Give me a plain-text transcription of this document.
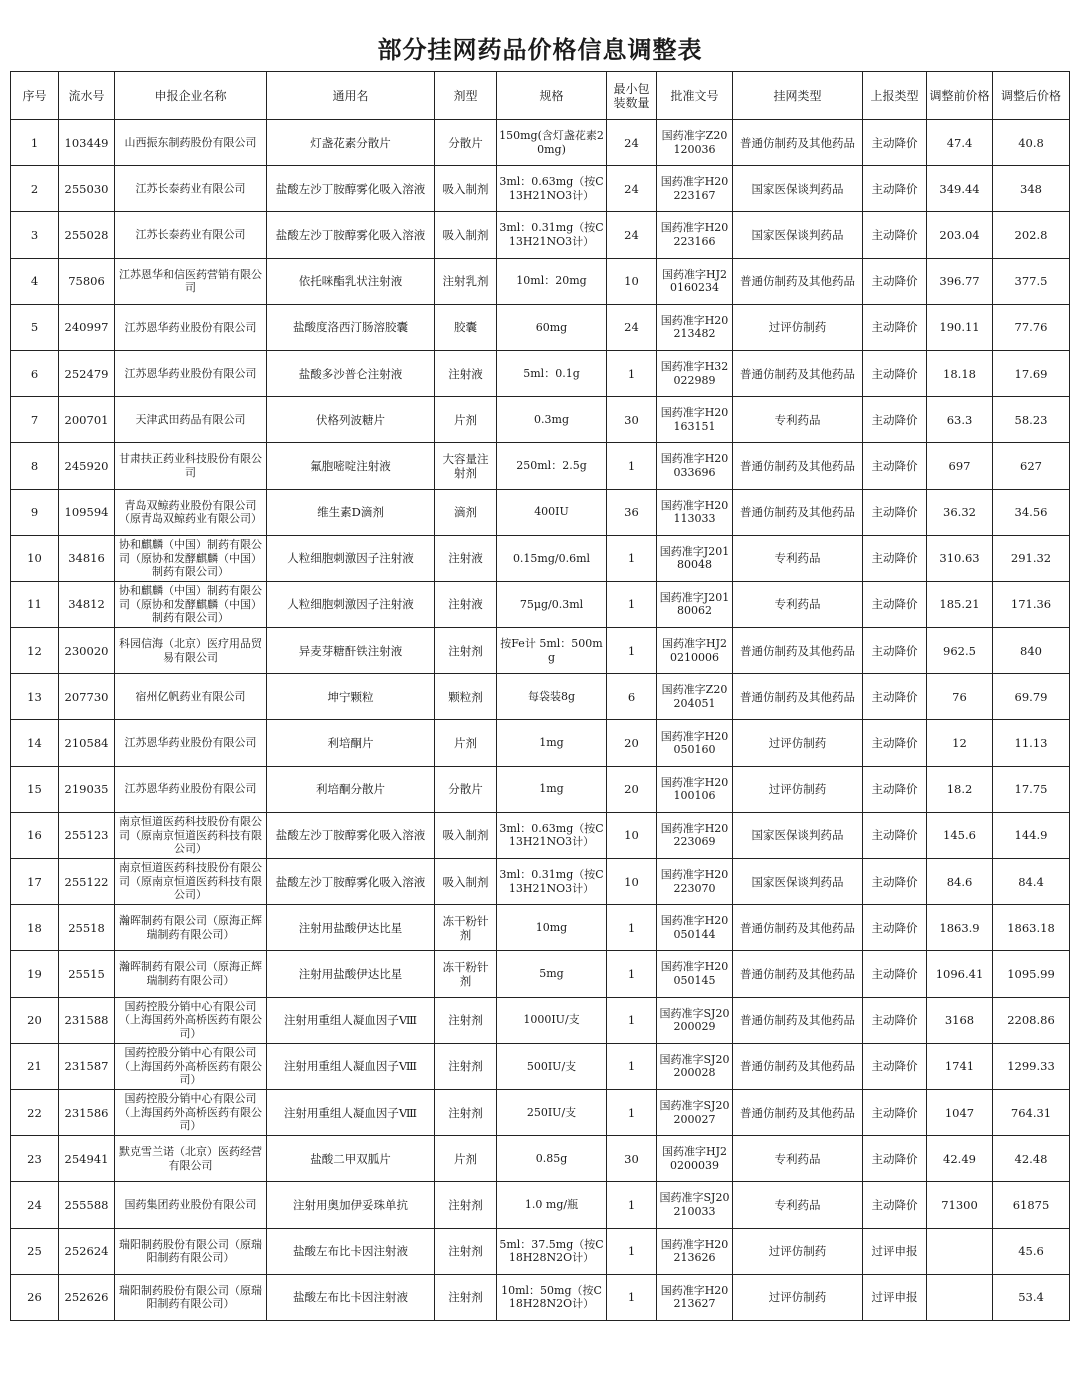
部分挂网药品价格信息调整表
序号	流水号	申报企业名称	通用名	剂型	规格	最小包装数量	批准文号	挂网类型	上报类型	调整前价格	调整后价格
1	103449	山西振东制药股份有限公司	灯盏花素分散片	分散片	150mg(含灯盏花素20mg)	24	国药准字Z20120036	普通仿制药及其他药品	主动降价	47.4	40.8
2	255030	江苏长泰药业有限公司	盐酸左沙丁胺醇雾化吸入溶液	吸入制剂	3ml：0.63mg（按C13H21NO3计）	24	国药准字H20223167	国家医保谈判药品	主动降价	349.44	348
3	255028	江苏长泰药业有限公司	盐酸左沙丁胺醇雾化吸入溶液	吸入制剂	3ml：0.31mg（按C13H21NO3计）	24	国药准字H20223166	国家医保谈判药品	主动降价	203.04	202.8
4	75806	江苏恩华和信医药营销有限公司	依托咪酯乳状注射液	注射乳剂	10ml：20mg	10	国药准字HJ20160234	普通仿制药及其他药品	主动降价	396.77	377.5
5	240997	江苏恩华药业股份有限公司	盐酸度洛西汀肠溶胶囊	胶囊	60mg	24	国药准字H20213482	过评仿制药	主动降价	190.11	77.76
6	252479	江苏恩华药业股份有限公司	盐酸多沙普仑注射液	注射液	5ml：0.1g	1	国药准字H32022989	普通仿制药及其他药品	主动降价	18.18	17.69
7	200701	天津武田药品有限公司	伏格列波糖片	片剂	0.3mg	30	国药准字H20163151	专利药品	主动降价	63.3	58.23
8	245920	甘肃扶正药业科技股份有限公司	氟胞嘧啶注射液	大容量注射剂	250ml：2.5g	1	国药准字H20033696	普通仿制药及其他药品	主动降价	697	627
9	109594	青岛双鲸药业股份有限公司（原青岛双鲸药业有限公司）	维生素D滴剂	滴剂	400IU	36	国药准字H20113033	普通仿制药及其他药品	主动降价	36.32	34.56
10	34816	协和麒麟（中国）制药有限公司（原协和发酵麒麟（中国）制药有限公司）	人粒细胞刺激因子注射液	注射液	0.15mg/0.6ml	1	国药准字J20180048	专利药品	主动降价	310.63	291.32
11	34812	协和麒麟（中国）制药有限公司（原协和发酵麒麟（中国）制药有限公司）	人粒细胞刺激因子注射液	注射液	75μg/0.3ml	1	国药准字J20180062	专利药品	主动降价	185.21	171.36
12	230020	科园信海（北京）医疗用品贸易有限公司	异麦芽糖酐铁注射液	注射剂	按Fe计 5ml：500mg	1	国药准字HJ20210006	普通仿制药及其他药品	主动降价	962.5	840
13	207730	宿州亿帆药业有限公司	坤宁颗粒	颗粒剂	每袋装8g	6	国药准字Z20204051	普通仿制药及其他药品	主动降价	76	69.79
14	210584	江苏恩华药业股份有限公司	利培酮片	片剂	1mg	20	国药准字H20050160	过评仿制药	主动降价	12	11.13
15	219035	江苏恩华药业股份有限公司	利培酮分散片	分散片	1mg	20	国药准字H20100106	过评仿制药	主动降价	18.2	17.75
16	255123	南京恒道医药科技股份有限公司（原南京恒道医药科技有限公司）	盐酸左沙丁胺醇雾化吸入溶液	吸入制剂	3ml：0.63mg（按C13H21NO3计）	10	国药准字H20223069	国家医保谈判药品	主动降价	145.6	144.9
17	255122	南京恒道医药科技股份有限公司（原南京恒道医药科技有限公司）	盐酸左沙丁胺醇雾化吸入溶液	吸入制剂	3ml：0.31mg（按C13H21NO3计）	10	国药准字H20223070	国家医保谈判药品	主动降价	84.6	84.4
18	25518	瀚晖制药有限公司（原海正辉瑞制药有限公司）	注射用盐酸伊达比星	冻干粉针剂	10mg	1	国药准字H20050144	普通仿制药及其他药品	主动降价	1863.9	1863.18
19	25515	瀚晖制药有限公司（原海正辉瑞制药有限公司）	注射用盐酸伊达比星	冻干粉针剂	5mg	1	国药准字H20050145	普通仿制药及其他药品	主动降价	1096.41	1095.99
20	231588	国药控股分销中心有限公司（上海国药外高桥医药有限公司）	注射用重组人凝血因子Ⅷ	注射剂	1000IU/支	1	国药准字SJ20200029	普通仿制药及其他药品	主动降价	3168	2208.86
21	231587	国药控股分销中心有限公司（上海国药外高桥医药有限公司）	注射用重组人凝血因子Ⅷ	注射剂	500IU/支	1	国药准字SJ20200028	普通仿制药及其他药品	主动降价	1741	1299.33
22	231586	国药控股分销中心有限公司（上海国药外高桥医药有限公司）	注射用重组人凝血因子Ⅷ	注射剂	250IU/支	1	国药准字SJ20200027	普通仿制药及其他药品	主动降价	1047	764.31
23	254941	默克雪兰诺（北京）医药经营有限公司	盐酸二甲双胍片	片剂	0.85g	30	国药准字HJ20200039	专利药品	主动降价	42.49	42.48
24	255588	国药集团药业股份有限公司	注射用奥加伊妥珠单抗	注射剂	1.0 mg/瓶	1	国药准字SJ20210033	专利药品	主动降价	71300	61875
25	252624	瑞阳制药股份有限公司（原瑞阳制药有限公司）	盐酸左布比卡因注射液	注射剂	5ml：37.5mg（按C18H28N2O计）	1	国药准字H20213626	过评仿制药	过评申报		45.6
26	252626	瑞阳制药股份有限公司（原瑞阳制药有限公司）	盐酸左布比卡因注射液	注射剂	10ml：50mg（按C18H28N2O计）	1	国药准字H20213627	过评仿制药	过评申报		53.4
